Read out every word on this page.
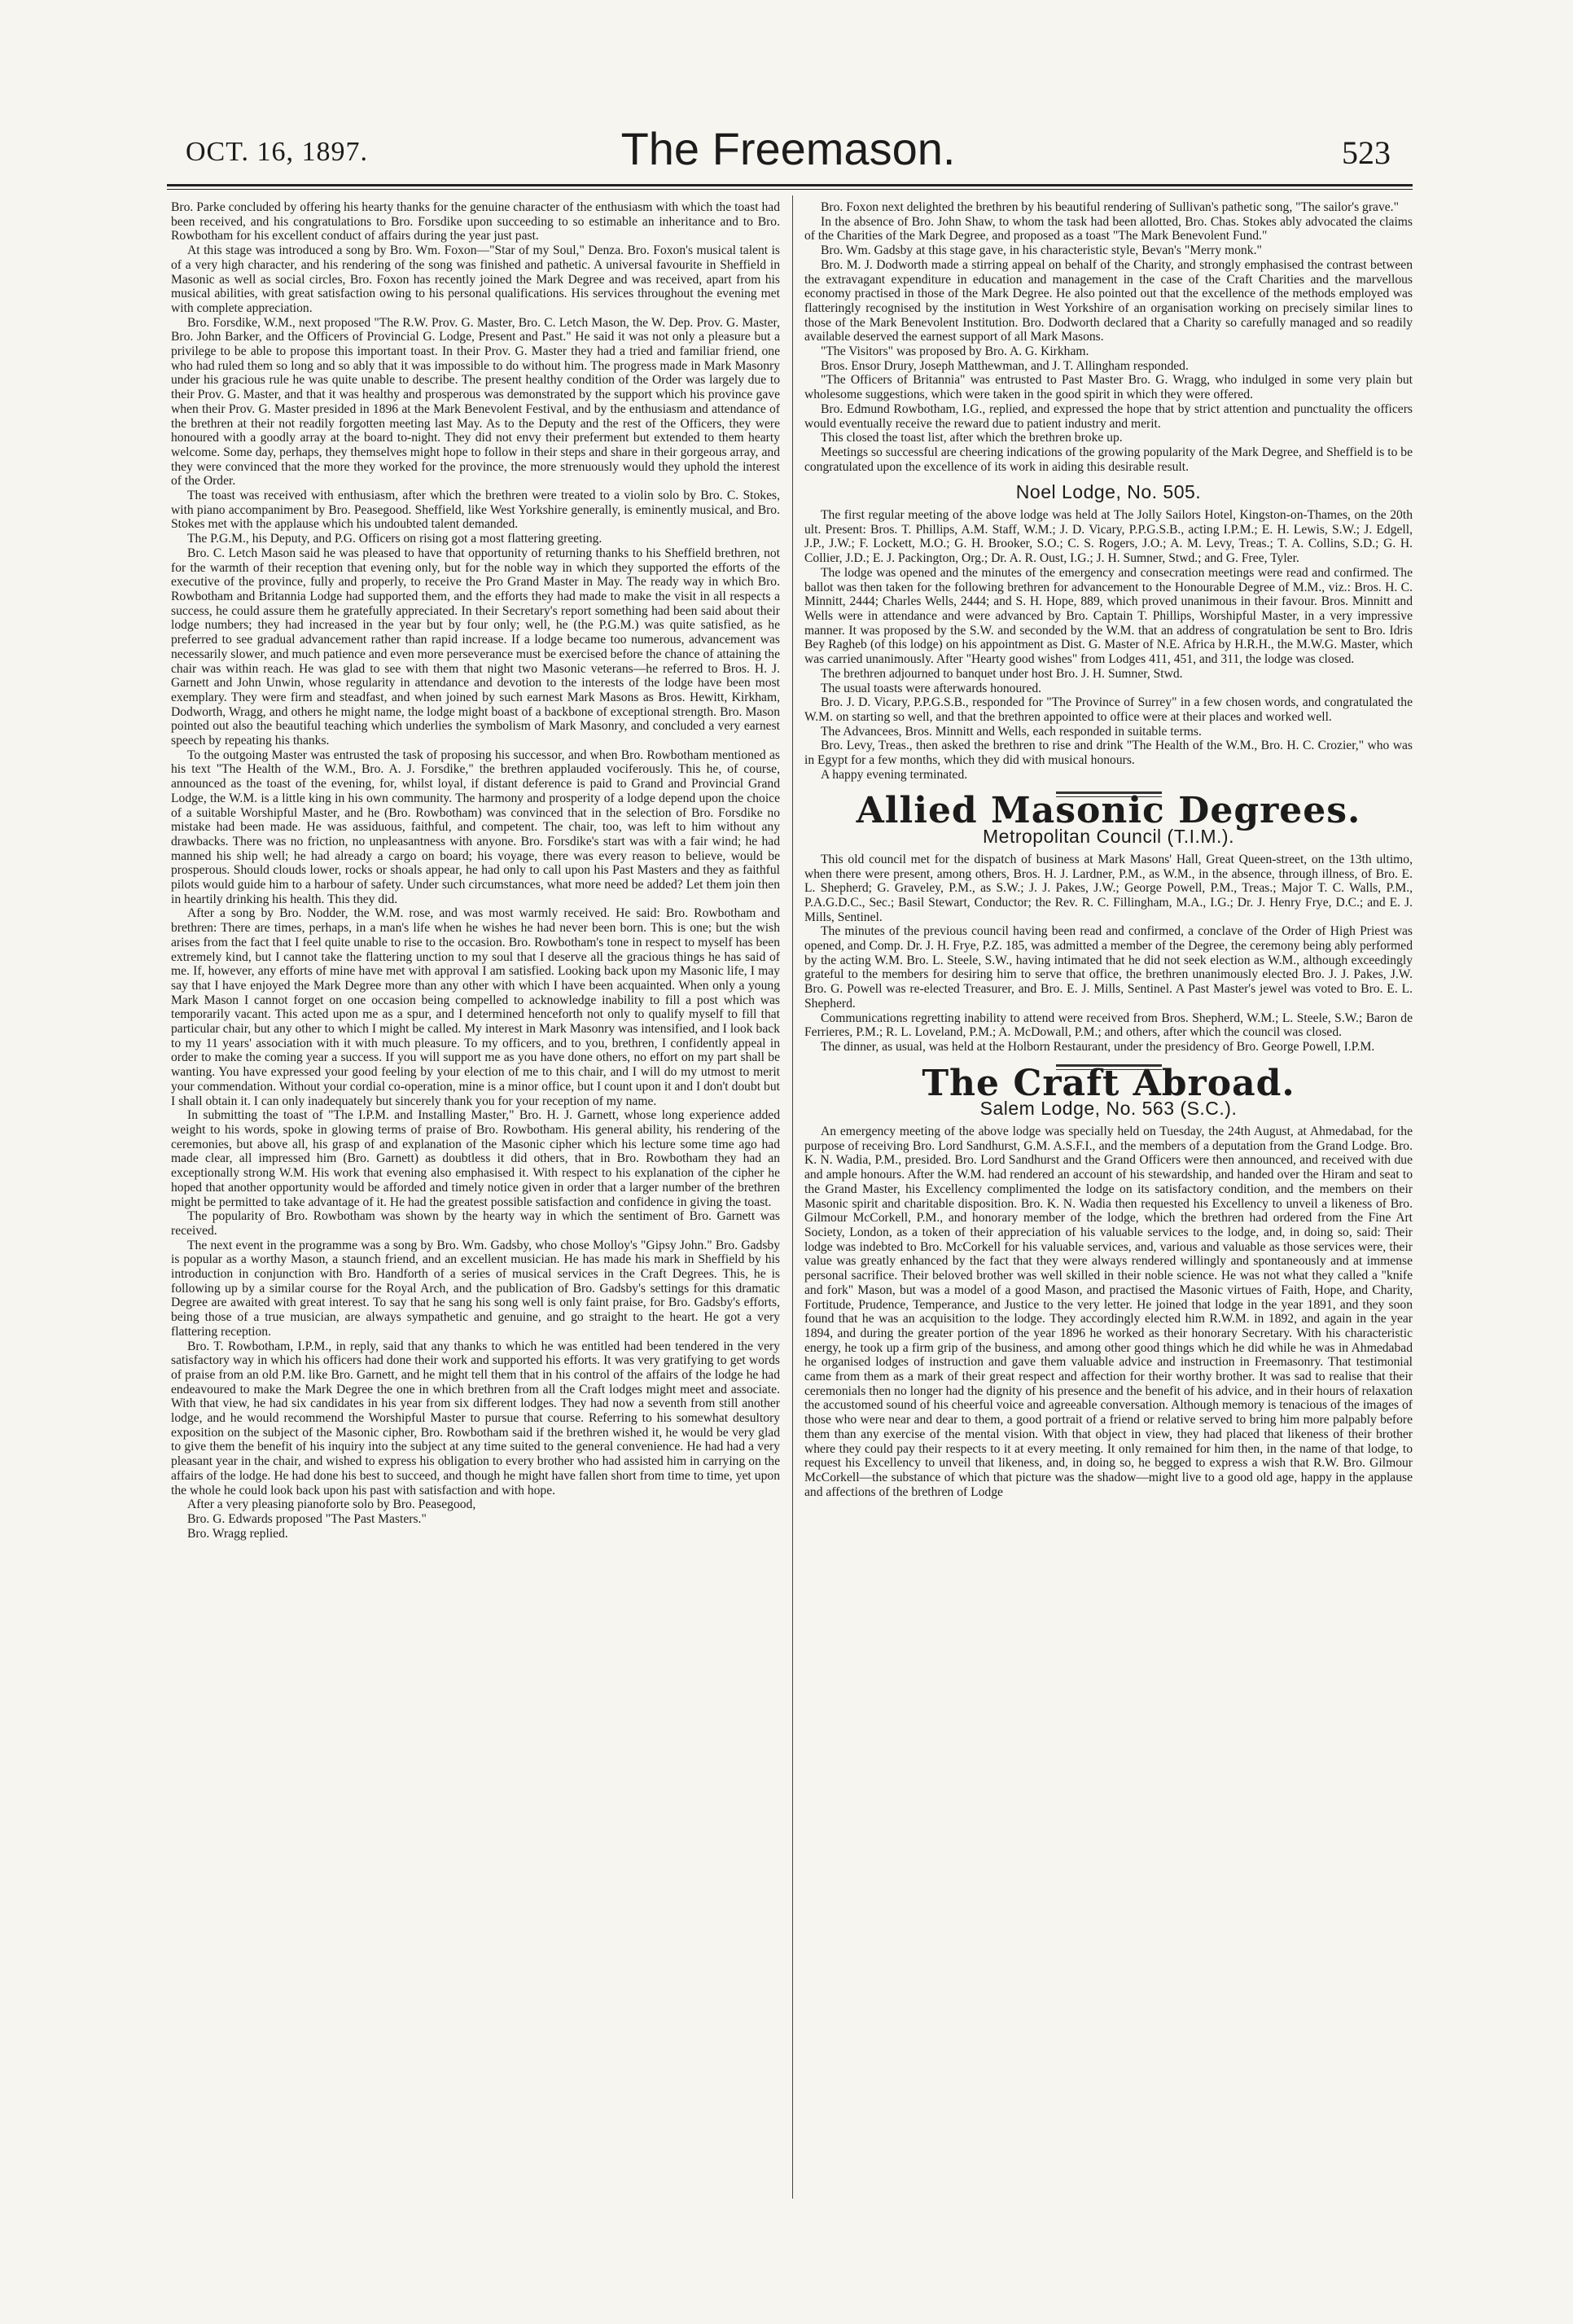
OCT. 16, 1897.	The Freemason.	523

Bro. Parke concluded by offering his hearty thanks for the genuine character of the enthusiasm with which the toast had been received, and his congratulations to Bro. Forsdike upon succeeding to so estimable an inheritance and to Bro. Rowbotham for his excellent conduct of affairs during the year just past.

At this stage was introduced a song by Bro. Wm. Foxon—"Star of my Soul," Denza. Bro. Foxon's musical talent is of a very high character, and his rendering of the song was finished and pathetic. A universal favourite in Sheffield in Masonic as well as social circles, Bro. Foxon has recently joined the Mark Degree and was received, apart from his musical abilities, with great satisfaction owing to his personal qualifications. His services throughout the evening met with complete appreciation.

Bro. Forsdike, W.M., next proposed "The R.W. Prov. G. Master, Bro. C. Letch Mason, the W. Dep. Prov. G. Master, Bro. John Barker, and the Officers of Provincial G. Lodge, Present and Past." He said it was not only a pleasure but a privilege to be able to propose this important toast. In their Prov. G. Master they had a tried and familiar friend, one who had ruled them so long and so ably that it was impossible to do without him. The progress made in Mark Masonry under his gracious rule he was quite unable to describe. The present healthy condition of the Order was largely due to their Prov. G. Master, and that it was healthy and prosperous was demonstrated by the support which his province gave when their Prov. G. Master presided in 1896 at the Mark Benevolent Festival, and by the enthusiasm and attendance of the brethren at their not readily forgotten meeting last May. As to the Deputy and the rest of the Officers, they were honoured with a goodly array at the board to-night. They did not envy their preferment but extended to them hearty welcome. Some day, perhaps, they themselves might hope to follow in their steps and share in their gorgeous array, and they were convinced that the more they worked for the province, the more strenuously would they uphold the interest of the Order.

The toast was received with enthusiasm, after which the brethren were treated to a violin solo by Bro. C. Stokes, with piano accompaniment by Bro. Peasegood. Sheffield, like West Yorkshire generally, is eminently musical, and Bro. Stokes met with the applause which his undoubted talent demanded.

The P.G.M., his Deputy, and P.G. Officers on rising got a most flattering greeting.

Bro. C. Letch Mason said he was pleased to have that opportunity of returning thanks to his Sheffield brethren, not for the warmth of their reception that evening only, but for the noble way in which they supported the efforts of the executive of the province, fully and properly, to receive the Pro Grand Master in May. The ready way in which Bro. Rowbotham and Britannia Lodge had supported them, and the efforts they had made to make the visit in all respects a success, he could assure them he gratefully appreciated. In their Secretary's report something had been said about their lodge numbers; they had increased in the year but by four only; well, he (the P.G.M.) was quite satisfied, as he preferred to see gradual advancement rather than rapid increase. If a lodge became too numerous, advancement was necessarily slower, and much patience and even more perseverance must be exercised before the chance of attaining the chair was within reach. He was glad to see with them that night two Masonic veterans—he referred to Bros. H. J. Garnett and John Unwin, whose regularity in attendance and devotion to the interests of the lodge have been most exemplary. They were firm and steadfast, and when joined by such earnest Mark Masons as Bros. Hewitt, Kirkham, Dodworth, Wragg, and others he might name, the lodge might boast of a backbone of exceptional strength. Bro. Mason pointed out also the beautiful teaching which underlies the symbolism of Mark Masonry, and concluded a very earnest speech by repeating his thanks.

To the outgoing Master was entrusted the task of proposing his successor, and when Bro. Rowbotham mentioned as his text "The Health of the W.M., Bro. A. J. Forsdike," the brethren applauded vociferously. This he, of course, announced as the toast of the evening, for, whilst loyal, if distant deference is paid to Grand and Provincial Grand Lodge, the W.M. is a little king in his own community. The harmony and prosperity of a lodge depend upon the choice of a suitable Worshipful Master, and he (Bro. Rowbotham) was convinced that in the selection of Bro. Forsdike no mistake had been made. He was assiduous, faithful, and competent. The chair, too, was left to him without any drawbacks. There was no friction, no unpleasantness with anyone. Bro. Forsdike's start was with a fair wind; he had manned his ship well; he had already a cargo on board; his voyage, there was every reason to believe, would be prosperous. Should clouds lower, rocks or shoals appear, he had only to call upon his Past Masters and they as faithful pilots would guide him to a harbour of safety. Under such circumstances, what more need be added? Let them join then in heartily drinking his health. This they did.

After a song by Bro. Nodder, the W.M. rose, and was most warmly received. He said: Bro. Rowbotham and brethren: There are times, perhaps, in a man's life when he wishes he had never been born. This is one; but the wish arises from the fact that I feel quite unable to rise to the occasion. Bro. Rowbotham's tone in respect to myself has been extremely kind, but I cannot take the flattering unction to my soul that I deserve all the gracious things he has said of me. If, however, any efforts of mine have met with approval I am satisfied. Looking back upon my Masonic life, I may say that I have enjoyed the Mark Degree more than any other with which I have been acquainted. When only a young Mark Mason I cannot forget on one occasion being compelled to acknowledge inability to fill a post which was temporarily vacant. This acted upon me as a spur, and I determined henceforth not only to qualify myself to fill that particular chair, but any other to which I might be called. My interest in Mark Masonry was intensified, and I look back to my 11 years' association with it with much pleasure. To my officers, and to you, brethren, I confidently appeal in order to make the coming year a success. If you will support me as you have done others, no effort on my part shall be wanting. You have expressed your good feeling by your election of me to this chair, and I will do my utmost to merit your commendation. Without your cordial co-operation, mine is a minor office, but I count upon it and I don't doubt but I shall obtain it. I can only inadequately but sincerely thank you for your reception of my name.

In submitting the toast of "The I.P.M. and Installing Master," Bro. H. J. Garnett, whose long experience added weight to his words, spoke in glowing terms of praise of Bro. Rowbotham. His general ability, his rendering of the ceremonies, but above all, his grasp of and explanation of the Masonic cipher which his lecture some time ago had made clear, all impressed him (Bro. Garnett) as doubtless it did others, that in Bro. Rowbotham they had an exceptionally strong W.M. His work that evening also emphasised it. With respect to his explanation of the cipher he hoped that another opportunity would be afforded and timely notice given in order that a larger number of the brethren might be permitted to take advantage of it. He had the greatest possible satisfaction and confidence in giving the toast.

The popularity of Bro. Rowbotham was shown by the hearty way in which the sentiment of Bro. Garnett was received.

The next event in the programme was a song by Bro. Wm. Gadsby, who chose Molloy's "Gipsy John." Bro. Gadsby is popular as a worthy Mason, a staunch friend, and an excellent musician. He has made his mark in Sheffield by his introduction in conjunction with Bro. Handforth of a series of musical services in the Craft Degrees. This, he is following up by a similar course for the Royal Arch, and the publication of Bro. Gadsby's settings for this dramatic Degree are awaited with great interest. To say that he sang his song well is only faint praise, for Bro. Gadsby's efforts, being those of a true musician, are always sympathetic and genuine, and go straight to the heart. He got a very flattering reception.

Bro. T. Rowbotham, I.P.M., in reply, said that any thanks to which he was entitled had been tendered in the very satisfactory way in which his officers had done their work and supported his efforts. It was very gratifying to get words of praise from an old P.M. like Bro. Garnett, and he might tell them that in his control of the affairs of the lodge he had endeavoured to make the Mark Degree the one in which brethren from all the Craft lodges might meet and associate. With that view, he had six candidates in his year from six different lodges. They had now a seventh from still another lodge, and he would recommend the Worshipful Master to pursue that course. Referring to his somewhat desultory exposition on the subject of the Masonic cipher, Bro. Rowbotham said if the brethren wished it, he would be very glad to give them the benefit of his inquiry into the subject at any time suited to the general convenience. He had had a very pleasant year in the chair, and wished to express his obligation to every brother who had assisted him in carrying on the affairs of the lodge. He had done his best to succeed, and though he might have fallen short from time to time, yet upon the whole he could look back upon his past with satisfaction and with hope.

After a very pleasing pianoforte solo by Bro. Peasegood,

Bro. G. Edwards proposed "The Past Masters."

Bro. Wragg replied.

Bro. Foxon next delighted the brethren by his beautiful rendering of Sullivan's pathetic song, "The sailor's grave."

In the absence of Bro. John Shaw, to whom the task had been allotted, Bro. Chas. Stokes ably advocated the claims of the Charities of the Mark Degree, and proposed as a toast "The Mark Benevolent Fund."

Bro. Wm. Gadsby at this stage gave, in his characteristic style, Bevan's "Merry monk."

Bro. M. J. Dodworth made a stirring appeal on behalf of the Charity, and strongly emphasised the contrast between the extravagant expenditure in education and management in the case of the Craft Charities and the marvellous economy practised in those of the Mark Degree. He also pointed out that the excellence of the methods employed was flatteringly recognised by the institution in West Yorkshire of an organisation working on precisely similar lines to those of the Mark Benevolent Institution. Bro. Dodworth declared that a Charity so carefully managed and so readily available deserved the earnest support of all Mark Masons.

"The Visitors" was proposed by Bro. A. G. Kirkham.

Bros. Ensor Drury, Joseph Matthewman, and J. T. Allingham responded.

"The Officers of Britannia" was entrusted to Past Master Bro. G. Wragg, who indulged in some very plain but wholesome suggestions, which were taken in the good spirit in which they were offered.

Bro. Edmund Rowbotham, I.G., replied, and expressed the hope that by strict attention and punctuality the officers would eventually receive the reward due to patient industry and merit.

This closed the toast list, after which the brethren broke up.

Meetings so successful are cheering indications of the growing popularity of the Mark Degree, and Sheffield is to be congratulated upon the excellence of its work in aiding this desirable result.

Noel Lodge, No. 505.

The first regular meeting of the above lodge was held at The Jolly Sailors Hotel, Kingston-on-Thames, on the 20th ult. Present: Bros. T. Phillips, A.M. Staff, W.M.; J. D. Vicary, P.P.G.S.B., acting I.P.M.; E. H. Lewis, S.W.; J. Edgell, J.P., J.W.; F. Lockett, M.O.; G. H. Brooker, S.O.; C. S. Rogers, J.O.; A. M. Levy, Treas.; T. A. Collins, S.D.; G. H. Collier, J.D.; E. J. Packington, Org.; Dr. A. R. Oust, I.G.; J. H. Sumner, Stwd.; and G. Free, Tyler.

The lodge was opened and the minutes of the emergency and consecration meetings were read and confirmed. The ballot was then taken for the following brethren for advancement to the Honourable Degree of M.M., viz.: Bros. H. C. Minnitt, 2444; Charles Wells, 2444; and S. H. Hope, 889, which proved unanimous in their favour. Bros. Minnitt and Wells were in attendance and were advanced by Bro. Captain T. Phillips, Worshipful Master, in a very impressive manner. It was proposed by the S.W. and seconded by the W.M. that an address of congratulation be sent to Bro. Idris Bey Ragheb (of this lodge) on his appointment as Dist. G. Master of N.E. Africa by H.R.H., the M.W.G. Master, which was carried unanimously. After "Hearty good wishes" from Lodges 411, 451, and 311, the lodge was closed.

The brethren adjourned to banquet under host Bro. J. H. Sumner, Stwd.

The usual toasts were afterwards honoured.

Bro. J. D. Vicary, P.P.G.S.B., responded for "The Province of Surrey" in a few chosen words, and congratulated the W.M. on starting so well, and that the brethren appointed to office were at their places and worked well.

The Advancees, Bros. Minnitt and Wells, each responded in suitable terms.

Bro. Levy, Treas., then asked the brethren to rise and drink "The Health of the W.M., Bro. H. C. Crozier," who was in Egypt for a few months, which they did with musical honours.

A happy evening terminated.

Allied Masonic Degrees.
Metropolitan Council (T.I.M.).

This old council met for the dispatch of business at Mark Masons' Hall, Great Queen-street, on the 13th ultimo, when there were present, among others, Bros. H. J. Lardner, P.M., as W.M., in the absence, through illness, of Bro. E. L. Shepherd; G. Graveley, P.M., as S.W.; J. J. Pakes, J.W.; George Powell, P.M., Treas.; Major T. C. Walls, P.M., P.A.G.D.C., Sec.; Basil Stewart, Conductor; the Rev. R. C. Fillingham, M.A., I.G.; Dr. J. Henry Frye, D.C.; and E. J. Mills, Sentinel.

The minutes of the previous council having been read and confirmed, a conclave of the Order of High Priest was opened, and Comp. Dr. J. H. Frye, P.Z. 185, was admitted a member of the Degree, the ceremony being ably performed by the acting W.M. Bro. L. Steele, S.W., having intimated that he did not seek election as W.M., although exceedingly grateful to the members for desiring him to serve that office, the brethren unanimously elected Bro. J. J. Pakes, J.W. Bro. G. Powell was re-elected Treasurer, and Bro. E. J. Mills, Sentinel. A Past Master's jewel was voted to Bro. E. L. Shepherd.

Communications regretting inability to attend were received from Bros. Shepherd, W.M.; L. Steele, S.W.; Baron de Ferrieres, P.M.; R. L. Loveland, P.M.; A. McDowall, P.M.; and others, after which the council was closed.

The dinner, as usual, was held at the Holborn Restaurant, under the presidency of Bro. George Powell, I.P.M.

The Craft Abroad.
Salem Lodge, No. 563 (S.C.).

An emergency meeting of the above lodge was specially held on Tuesday, the 24th August, at Ahmedabad, for the purpose of receiving Bro. Lord Sandhurst, G.M. A.S.F.I., and the members of a deputation from the Grand Lodge. Bro. K. N. Wadia, P.M., presided. Bro. Lord Sandhurst and the Grand Officers were then announced, and received with due and ample honours. After the W.M. had rendered an account of his stewardship, and handed over the Hiram and seat to the Grand Master, his Excellency complimented the lodge on its satisfactory condition, and the members on their Masonic spirit and charitable disposition. Bro. K. N. Wadia then requested his Excellency to unveil a likeness of Bro. Gilmour McCorkell, P.M., and honorary member of the lodge, which the brethren had ordered from the Fine Art Society, London, as a token of their appreciation of his valuable services to the lodge, and, in doing so, said: Their lodge was indebted to Bro. McCorkell for his valuable services, and, various and valuable as those services were, their value was greatly enhanced by the fact that they were always rendered willingly and spontaneously and at immense personal sacrifice. Their beloved brother was well skilled in their noble science. He was not what they called a "knife and fork" Mason, but was a model of a good Mason, and practised the Masonic virtues of Faith, Hope, and Charity, Fortitude, Prudence, Temperance, and Justice to the very letter. He joined that lodge in the year 1891, and they soon found that he was an acquisition to the lodge. They accordingly elected him R.W.M. in 1892, and again in the year 1894, and during the greater portion of the year 1896 he worked as their honorary Secretary. With his characteristic energy, he took up a firm grip of the business, and among other good things which he did while he was in Ahmedabad he organised lodges of instruction and gave them valuable advice and instruction in Freemasonry. That testimonial came from them as a mark of their great respect and affection for their worthy brother. It was sad to realise that their ceremonials then no longer had the dignity of his presence and the benefit of his advice, and in their hours of relaxation the accustomed sound of his cheerful voice and agreeable conversation. Although memory is tenacious of the images of those who were near and dear to them, a good portrait of a friend or relative served to bring him more palpably before them than any exercise of the mental vision. With that object in view, they had placed that likeness of their brother where they could pay their respects to it at every meeting. It only remained for him then, in the name of that lodge, to request his Excellency to unveil that likeness, and, in doing so, he begged to express a wish that R.W. Bro. Gilmour McCorkell—the substance of which that picture was the shadow—might live to a good old age, happy in the applause and affections of the brethren of Lodge
